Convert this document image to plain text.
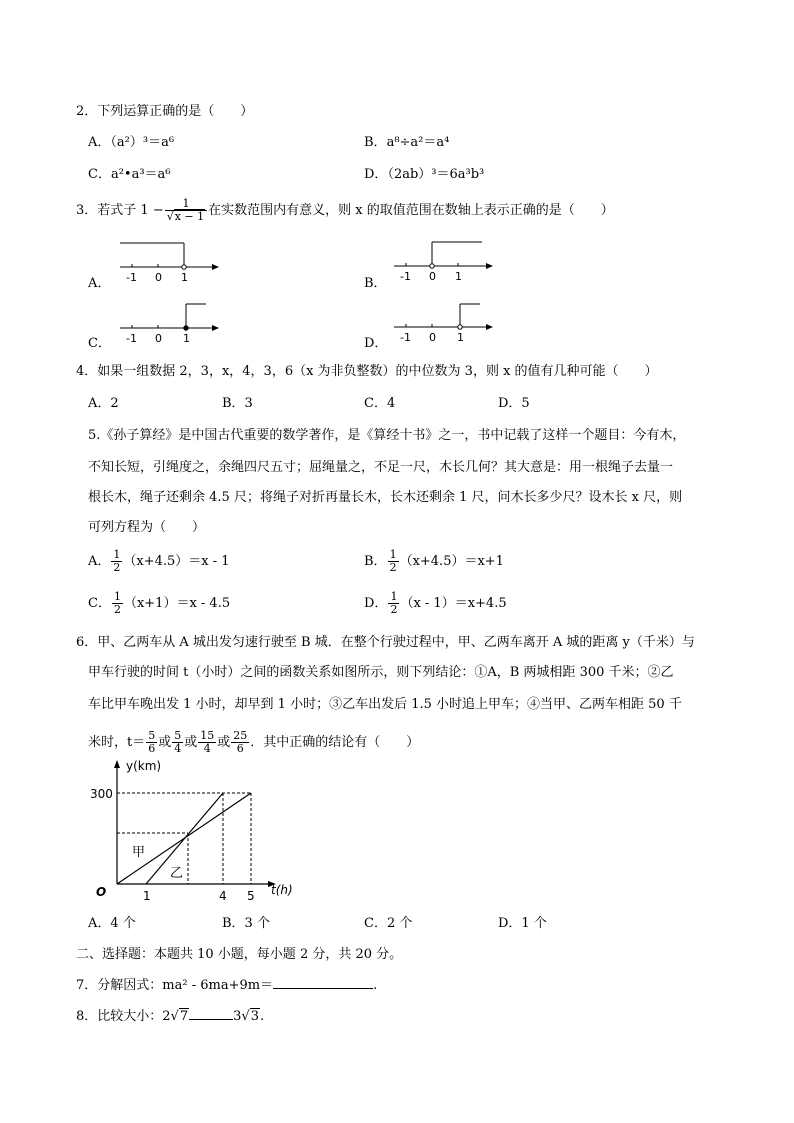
2．下列运算正确的是（　　）
A．（a²）³＝a⁶	B．a⁸÷a²＝a⁴
C．a²•a³＝a⁶	D．（2ab）³＝6a³b³
3．若式子 $1 - \frac{1}{√x - 1}$ 在实数范围内有意义，则 x 的取值范围在数轴上表示正确的是（　　）
A． -1 0 1	B． -1 0 1
C． -1 0 1	D． -1 0 1
4．如果一组数据 2，3，x，4，3，6（x 为非负整数）的中位数为 3，则 x 的值有几种可能（　　）
A．2	B．3	C．4	D．5
5.《孙子算经》是中国古代重要的数学著作，是《算经十书》之一，书中记载了这样一个题目：今有木，
不知长短，引绳度之，余绳四尺五寸；屈绳量之，不足一尺，木长几何？其大意是：用一根绳子去量一
根长木，绳子还剩余 4.5 尺；将绳子对折再量长木，长木还剩余 1 尺，问木长多少尺？设木长 x 尺，则
可列方程为（　　）
A． $\frac{1}{2} (x+4.5)=x - 1$	B． $\frac{1}{2} (x+4.5)=x+1$
C． $\frac{1}{2} (x+1)=x - 4.5$	D． $\frac{1}{2} (x - 1)=x+4.5$
6．甲、乙两车从 A 城出发匀速行驶至 B 城．在整个行驶过程中，甲、乙两车离开 A 城的距离 y（千米）与
甲车行驶的时间 t（小时）之间的函数关系如图所示，则下列结论：①A，B 两城相距 300 千米；②乙
车比甲车晚出发 1 小时，却早到 1 小时；③乙车出发后 1.5 小时追上甲车；④当甲、乙两车相距 50 千
米时，$t= \frac{5}{6}$ 或 $\frac{5}{4}$ 或 $\frac{15}{4}$ 或 $\frac{25}{6}$ ．其中正确的结论有（　　）
y(km)
t(h)
O
300
1	4 5
甲
乙
A．4 个	B．3 个	C．2 个	D．1 个
二、选择题：本题共 10 小题，每小题 2 分，共 20 分。
7．分解因式：ma² - 6ma+9m＝	.
8．比较大小：2√7	3√3.
